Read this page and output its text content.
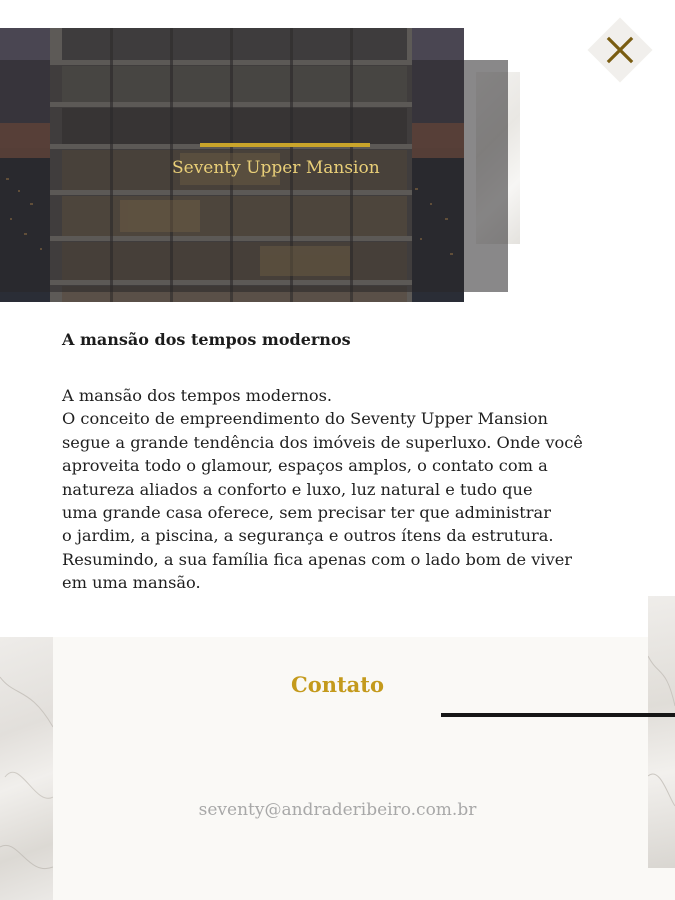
Seventy Upper Mansion
A mansão dos tempos modernos
A mansão dos tempos modernos.
O conceito de empreendimento do Seventy Upper Mansion
segue a grande tendência dos imóveis de superluxo. Onde você
aproveita todo o glamour, espaços amplos, o contato com a
natureza aliados a conforto e luxo, luz natural e tudo que
uma grande casa oferece, sem precisar ter que administrar
o jardim, a piscina, a segurança e outros ítens da estrutura.
Resumindo, a sua família fica apenas com o lado bom de viver
em uma mansão.
Contato
seventy@andraderibeiro.com.br
